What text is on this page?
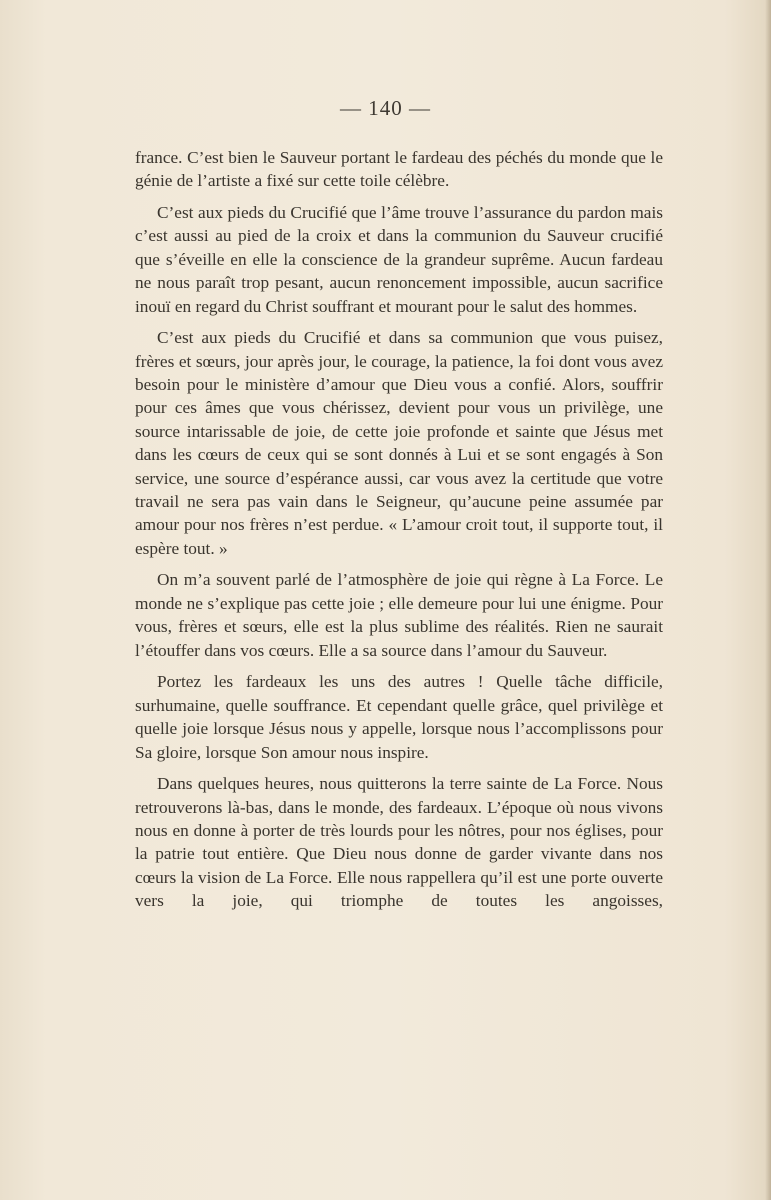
— 140 —

france. C’est bien le Sauveur portant le fardeau des péchés du monde que le génie de l’artiste a fixé sur cette toile célèbre.

C’est aux pieds du Crucifié que l’âme trouve l’assurance du pardon mais c’est aussi au pied de la croix et dans la communion du Sauveur crucifié que s’éveille en elle la conscience de la grandeur suprême. Aucun fardeau ne nous paraît trop pesant, aucun renoncement impossible, aucun sacrifice inouï en regard du Christ souffrant et mourant pour le salut des hommes.

C’est aux pieds du Crucifié et dans sa communion que vous puisez, frères et sœurs, jour après jour, le courage, la patience, la foi dont vous avez besoin pour le ministère d’amour que Dieu vous a confié. Alors, souffrir pour ces âmes que vous chérissez, devient pour vous un privilège, une source intarissable de joie, de cette joie profonde et sainte que Jésus met dans les cœurs de ceux qui se sont donnés à Lui et se sont engagés à Son service, une source d’espérance aussi, car vous avez la certitude que votre travail ne sera pas vain dans le Seigneur, qu’aucune peine assumée par amour pour nos frères n’est perdue. « L’amour croit tout, il supporte tout, il espère tout. »

On m’a souvent parlé de l’atmosphère de joie qui règne à La Force. Le monde ne s’explique pas cette joie ; elle demeure pour lui une énigme. Pour vous, frères et sœurs, elle est la plus sublime des réalités. Rien ne saurait l’étouffer dans vos cœurs. Elle a sa source dans l’amour du Sauveur.

Portez les fardeaux les uns des autres ! Quelle tâche difficile, surhumaine, quelle souffrance. Et cependant quelle grâce, quel privilège et quelle joie lorsque Jésus nous y appelle, lorsque nous l’accomplissons pour Sa gloire, lorsque Son amour nous inspire.

Dans quelques heures, nous quitterons la terre sainte de La Force. Nous retrouverons là-bas, dans le monde, des fardeaux. L’époque où nous vivons nous en donne à porter de très lourds pour les nôtres, pour nos églises, pour la patrie tout entière. Que Dieu nous donne de garder vivante dans nos cœurs la vision de La Force. Elle nous rappellera qu’il est une porte ouverte vers la joie, qui triomphe de toutes les angoisses,
